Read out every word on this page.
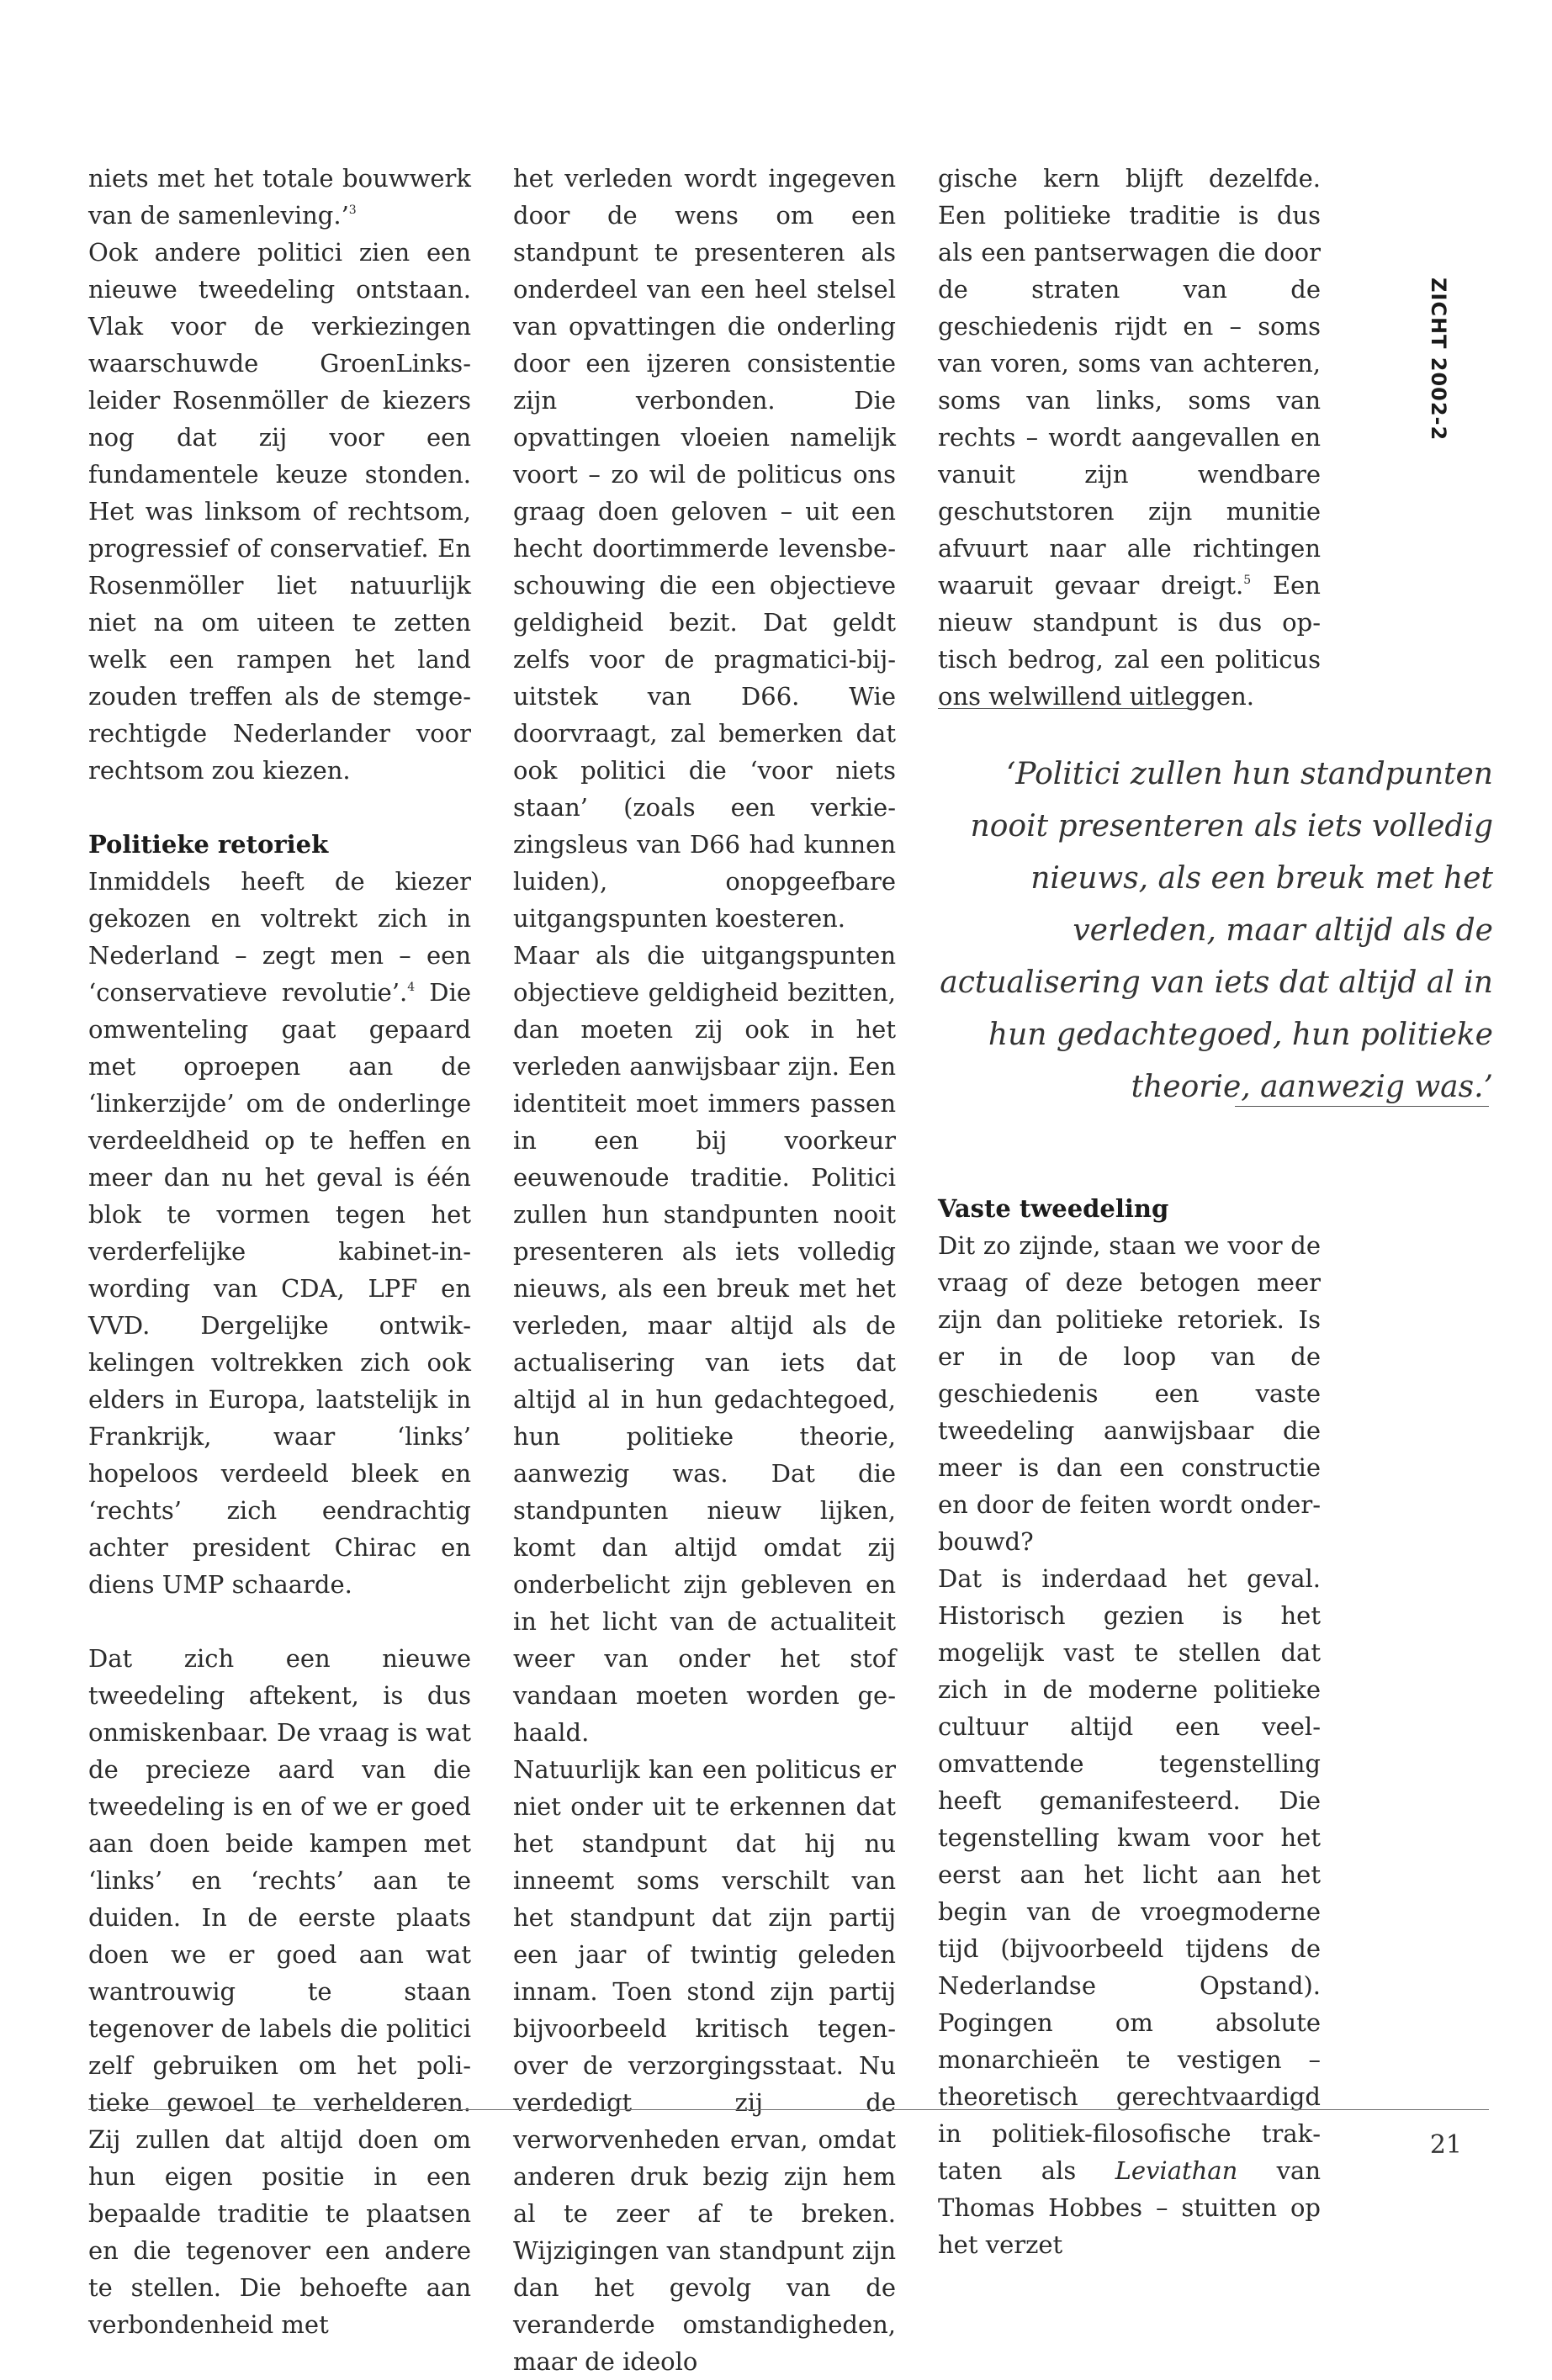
ZICHT 2002-2

niets met het totale bouwwerk van de samenleving.’$^3$

Ook andere politici zien een nieuwe tweedeling ontstaan. Vlak voor de verkiezingen waarschuwde GroenLinks-leider Rosenmöller de kiezers nog dat zij voor een fundamentele keuze stonden. Het was linksom of rechtsom, progressief of conservatief. En Rosenmöller liet natuurlijk niet na om uiteen te zetten welk een rampen het land zouden treffen als de stemgerechtigde Nederlander voor rechtsom zou kiezen.

Politieke retoriek

Inmiddels heeft de kiezer gekozen en voltrekt zich in Nederland – zegt men – een ‘conservatieve revolutie’.$^4$ Die omwenteling gaat gepaard met oproepen aan de ‘linkerzijde’ om de onderlinge verdeeldheid op te heffen en meer dan nu het geval is één blok te vormen tegen het verderfelijke kabinet-in-wording van CDA, LPF en VVD. Dergelijke ontwikkelingen voltrekken zich ook elders in Europa, laatstelijk in Frankrijk, waar ‘links’ hopeloos verdeeld bleek en ‘rechts’ zich eendrachtig achter president Chirac en diens UMP schaarde.

Dat zich een nieuwe tweedeling aftekent, is dus onmiskenbaar. De vraag is wat de precieze aard van die tweedeling is en of we er goed aan doen beide kampen met ‘links’ en ‘rechts’ aan te duiden. In de eerste plaats doen we er goed aan wat wantrouwig te staan tegenover de labels die politici zelf gebruiken om het politieke gewoel te verhelderen. Zij zullen dat altijd doen om hun eigen positie in een bepaalde traditie te plaatsen en die tegenover een andere te stellen. Die behoefte aan verbondenheid met

het verleden wordt ingegeven door de wens om een standpunt te presenteren als onderdeel van een heel stelsel van opvattingen die onderling door een ijzeren consistentie zijn verbonden. Die opvattingen vloeien namelijk voort – zo wil de politicus ons graag doen geloven – uit een hecht doortimmerde levensbeschouwing die een objectieve geldigheid bezit. Dat geldt zelfs voor de pragmatici-bij-uitstek van D66. Wie doorvraagt, zal bemerken dat ook politici die ‘voor niets staan’ (zoals een verkiezingsleus van D66 had kunnen luiden), onopgeefbare uitgangspunten koesteren.

Maar als die uitgangspunten objectieve geldigheid bezitten, dan moeten zij ook in het verleden aanwijsbaar zijn. Een identiteit moet immers passen in een bij voorkeur eeuwenoude traditie. Politici zullen hun standpunten nooit presenteren als iets volledig nieuws, als een breuk met het verleden, maar altijd als de actualisering van iets dat altijd al in hun gedachtegoed, hun politieke theorie, aanwezig was. Dat die standpunten nieuw lijken, komt dan altijd omdat zij onderbelicht zijn gebleven en in het licht van de actualiteit weer van onder het stof vandaan moeten worden gehaald.

Natuurlijk kan een politicus er niet onder uit te erkennen dat het standpunt dat hij nu inneemt soms verschilt van het standpunt dat zijn partij een jaar of twintig geleden innam. Toen stond zijn partij bijvoorbeeld kritisch tegenover de verzorgingsstaat. Nu verdedigt zij de verworvenheden ervan, omdat anderen druk bezig zijn hem al te zeer af te breken. Wijzigingen van standpunt zijn dan het gevolg van de veranderde omstandigheden, maar de ideolo

gische kern blijft dezelfde. Een politieke traditie is dus als een pantserwagen die door de straten van de geschiedenis rijdt en – soms van voren, soms van achteren, soms van links, soms van rechts – wordt aangevallen en vanuit zijn wendbare geschutstoren zijn munitie afvuurt naar alle richtingen waaruit gevaar dreigt.$^5$ Een nieuw standpunt is dus optisch bedrog, zal een politicus ons welwillend uitleggen.

‘Politici zullen hun standpunten nooit presenteren als iets volledig nieuws, als een breuk met het verleden, maar altijd als de actualisering van iets dat altijd al in hun gedachtegoed, hun politieke theorie, aanwezig was.’

Vaste tweedeling

Dit zo zijnde, staan we voor de vraag of deze betogen meer zijn dan politieke retoriek. Is er in de loop van de geschiedenis een vaste tweedeling aanwijsbaar die meer is dan een constructie en door de feiten wordt onderbouwd?

Dat is inderdaad het geval. Historisch gezien is het mogelijk vast te stellen dat zich in de moderne politieke cultuur altijd een veelomvattende tegenstelling heeft gemanifesteerd. Die tegenstelling kwam voor het eerst aan het licht aan het begin van de vroegmoderne tijd (bijvoorbeeld tijdens de Nederlandse Opstand). Pogingen om absolute monarchieën te vestigen – theoretisch gerechtvaardigd in politiek-filosofische traktaten als Leviathan van Thomas Hobbes – stuitten op het verzet

21
